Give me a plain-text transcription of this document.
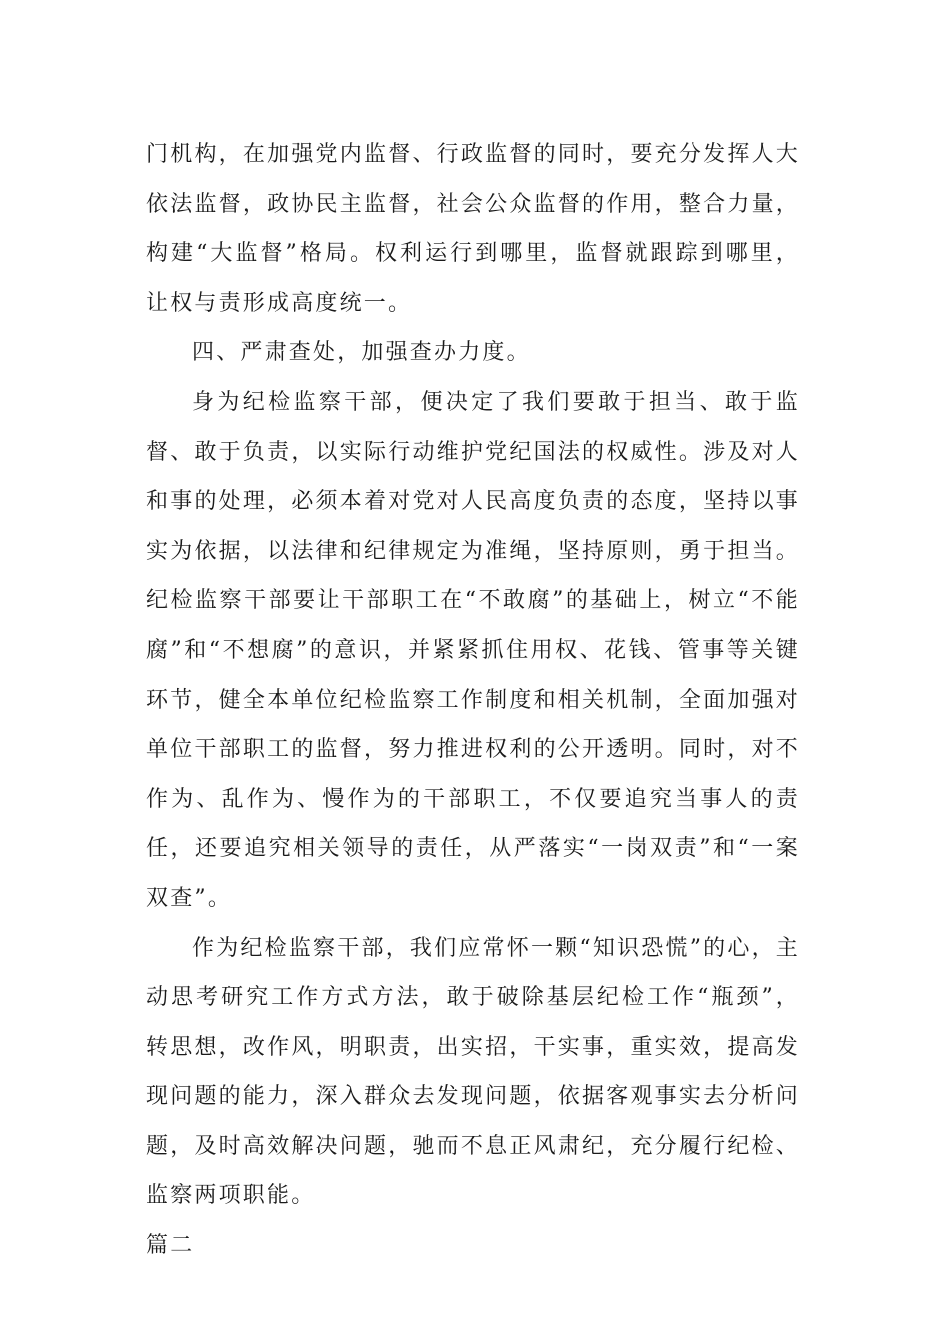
门机构，在加强党内监督、行政监督的同时，要充分发挥人大依法监督，政协民主监督，社会公众监督的作用，整合力量，构建“大监督”格局。权利运行到哪里，监督就跟踪到哪里，让权与责形成高度统一。

四、严肃查处，加强查办力度。

身为纪检监察干部，便决定了我们要敢于担当、敢于监督、敢于负责，以实际行动维护党纪国法的权威性。涉及对人和事的处理，必须本着对党对人民高度负责的态度，坚持以事实为依据，以法律和纪律规定为准绳，坚持原则，勇于担当。纪检监察干部要让干部职工在“不敢腐”的基础上，树立“不能腐”和“不想腐”的意识，并紧紧抓住用权、花钱、管事等关键环节，健全本单位纪检监察工作制度和相关机制，全面加强对单位干部职工的监督，努力推进权利的公开透明。同时，对不作为、乱作为、慢作为的干部职工，不仅要追究当事人的责任，还要追究相关领导的责任，从严落实“一岗双责”和“一案双查”。

作为纪检监察干部，我们应常怀一颗“知识恐慌”的心，主动思考研究工作方式方法，敢于破除基层纪检工作“瓶颈”，转思想，改作风，明职责，出实招，干实事，重实效，提高发现问题的能力，深入群众去发现问题，依据客观事实去分析问题，及时高效解决问题，驰而不息正风肃纪，充分履行纪检、监察两项职能。

篇二
